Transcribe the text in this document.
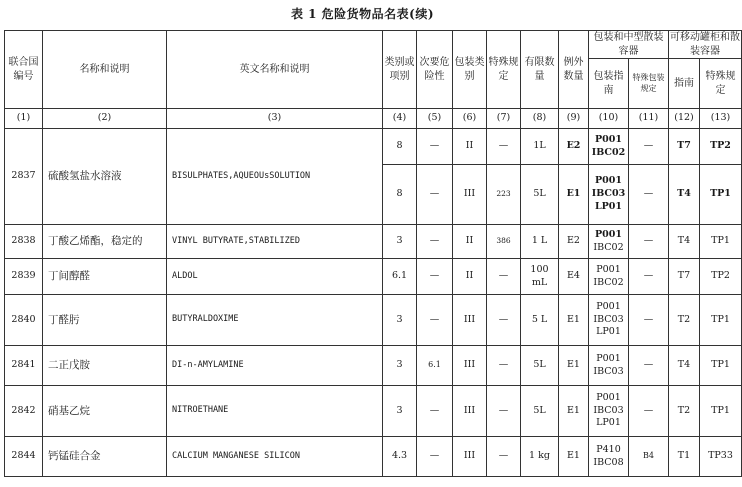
表 1 危险货物品名表(续)
联合国编号	名称和说明	英文名称和说明	类别或项别	次要危险性	包装类别	特殊规定	有限数量	例外数量	包装和中型散装容器		可移动罐柜和散装容器	
									包装指南	特殊包装规定	指南	特殊规定
(1)	(2)	(3)	(4)	(5)	(6)	(7)	(8)	(9)	(10)	(11)	(12)	(13)
2837	硫酸氢盐水溶液	BISULPHATES,AQUEOUsSOLUTION	8	—	II	—	1L	E2	P001
IBC02	—	T7	TP2
			8	—	III	223	5L	E1	P001
IBC03
LP01	—	T4	TP1
2838	丁酸乙烯酯，稳定的	VINYL BUTYRATE,STABILIZED	3	—	II	386	1 L	E2	P001
IBC02	—	T4	TP1
2839	丁间醇醛	ALDOL	6.1	—	II	—	100 mL	E4	P001
IBC02	—	T7	TP2
2840	丁醛肟	BUTYRALDOXIME	3	—	III	—	5 L	E1	P001
IBC03
LP01	—	T2	TP1
2841	二正戊胺	DI-n-AMYLAMINE	3	6.1	III	—	5L	E1	P001
IBC03	—	T4	TP1
2842	硝基乙烷	NITROETHANE	3	—	III	—	5L	E1	P001
IBC03
LP01	—	T2	TP1
2844	钙锰硅合金	CALCIUM MANGANESE SILICON	4.3	—	III	—	1 kg	E1	P410
IBC08	B4	T1	TP33
